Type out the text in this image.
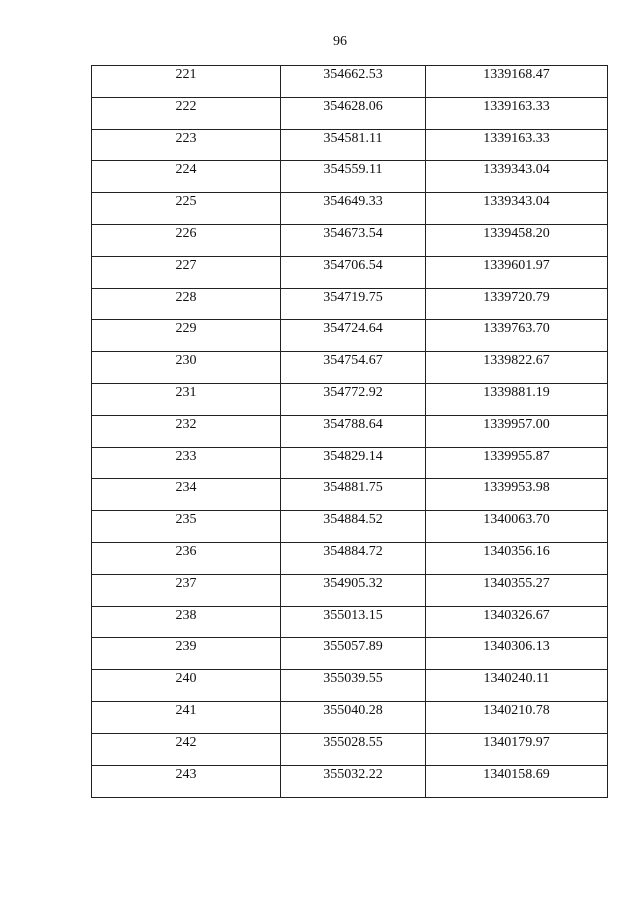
96
221	354662.53	1339168.47
222	354628.06	1339163.33
223	354581.11	1339163.33
224	354559.11	1339343.04
225	354649.33	1339343.04
226	354673.54	1339458.20
227	354706.54	1339601.97
228	354719.75	1339720.79
229	354724.64	1339763.70
230	354754.67	1339822.67
231	354772.92	1339881.19
232	354788.64	1339957.00
233	354829.14	1339955.87
234	354881.75	1339953.98
235	354884.52	1340063.70
236	354884.72	1340356.16
237	354905.32	1340355.27
238	355013.15	1340326.67
239	355057.89	1340306.13
240	355039.55	1340240.11
241	355040.28	1340210.78
242	355028.55	1340179.97
243	355032.22	1340158.69
